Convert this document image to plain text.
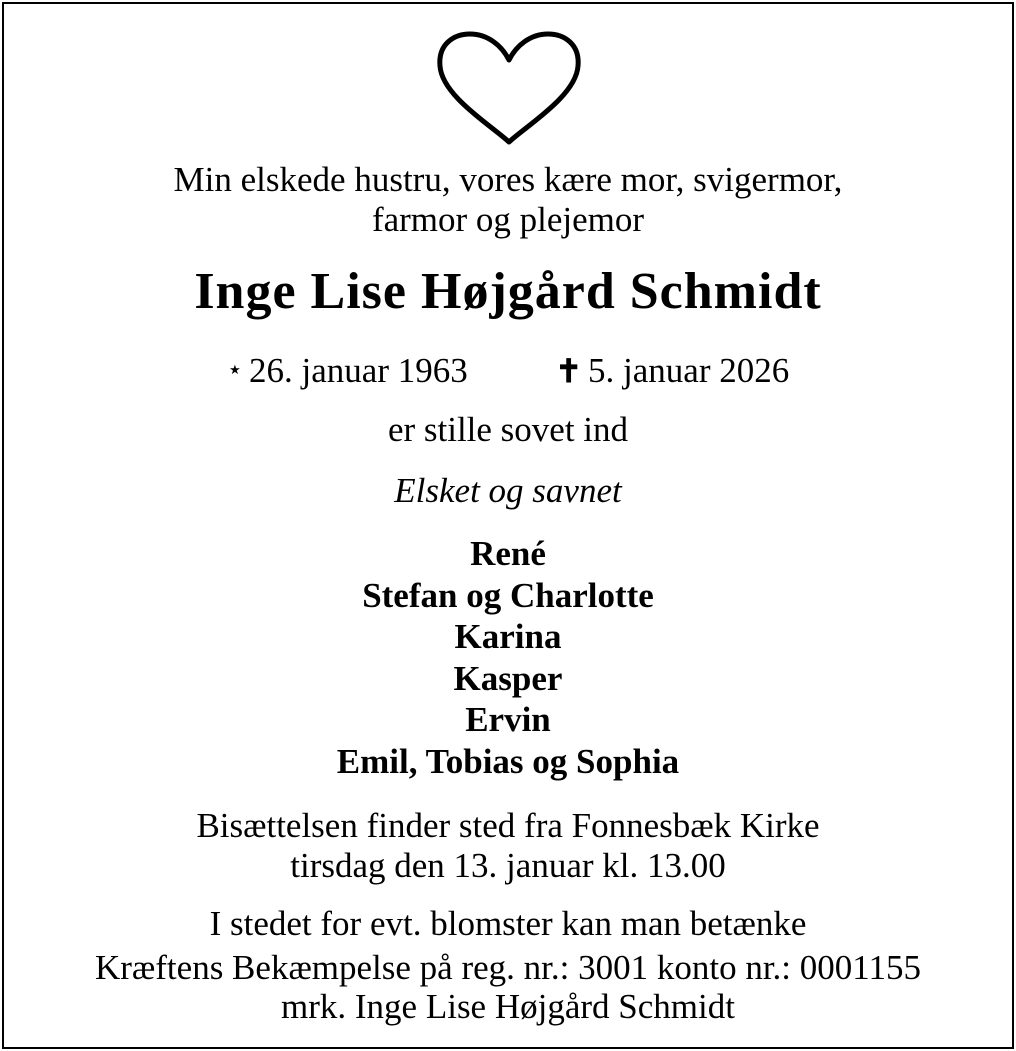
Min elskede hustru, vores kære mor, svigermor,
farmor og plejemor
Inge Lise Højgård Schmidt
⋆ 26. januar 1963	✝ 5. januar 2026
er stille sovet ind
Elsket og savnet
René
Stefan og Charlotte
Karina
Kasper
Ervin
Emil, Tobias og Sophia
Bisættelsen finder sted fra Fonnesbæk Kirke
tirsdag den 13. januar kl. 13.00
I stedet for evt. blomster kan man betænke
Kræftens Bekæmpelse på reg. nr.: 3001 konto nr.: 0001155
mrk. Inge Lise Højgård Schmidt
